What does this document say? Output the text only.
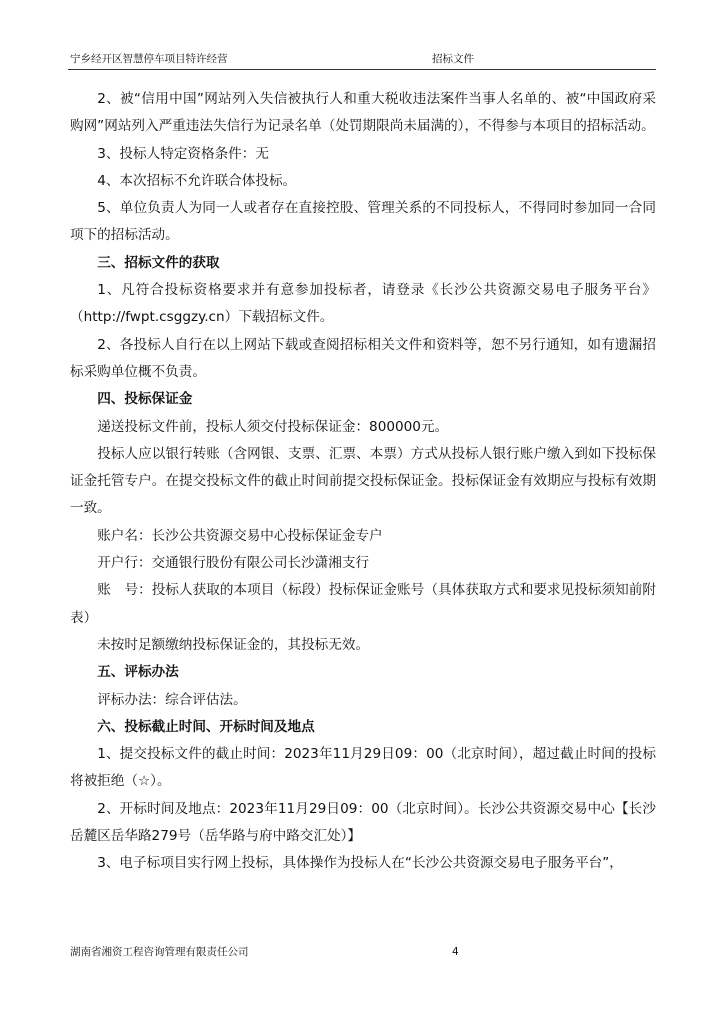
宁乡经开区智慧停车项目特许经营	招标文件

2、被“信用中国”网站列入失信被执行人和重大税收违法案件当事人名单的、被“中国政府采购网”网站列入严重违法失信行为记录名单（处罚期限尚未届满的），不得参与本项目的招标活动。

3、投标人特定资格条件：无

4、本次招标不允许联合体投标。

5、单位负责人为同一人或者存在直接控股、管理关系的不同投标人，不得同时参加同一合同项下的招标活动。

三、招标文件的获取

1、凡符合投标资格要求并有意参加投标者，请登录《长沙公共资源交易电子服务平台》（http://fwpt.csggzy.cn）下载招标文件。

2、各投标人自行在以上网站下载或查阅招标相关文件和资料等，恕不另行通知，如有遗漏招标采购单位概不负责。

四、投标保证金

递送投标文件前，投标人须交付投标保证金：800000元。

投标人应以银行转账（含网银、支票、汇票、本票）方式从投标人银行账户缴入到如下投标保证金托管专户。在提交投标文件的截止时间前提交投标保证金。投标保证金有效期应与投标有效期一致。

账户名：长沙公共资源交易中心投标保证金专户

开户行：交通银行股份有限公司长沙潇湘支行

账　号：投标人获取的本项目（标段）投标保证金账号（具体获取方式和要求见投标须知前附表）

未按时足额缴纳投标保证金的，其投标无效。

五、评标办法

评标办法：综合评估法。

六、投标截止时间、开标时间及地点

1、提交投标文件的截止时间：2023年11月29日09：00（北京时间），超过截止时间的投标将被拒绝（☆）。

2、开标时间及地点：2023年11月29日09：00（北京时间）。长沙公共资源交易中心【长沙岳麓区岳华路279号（岳华路与府中路交汇处）】

3、电子标项目实行网上投标，具体操作为投标人在“长沙公共资源交易电子服务平台”，

湖南省湘资工程咨询管理有限责任公司	4
